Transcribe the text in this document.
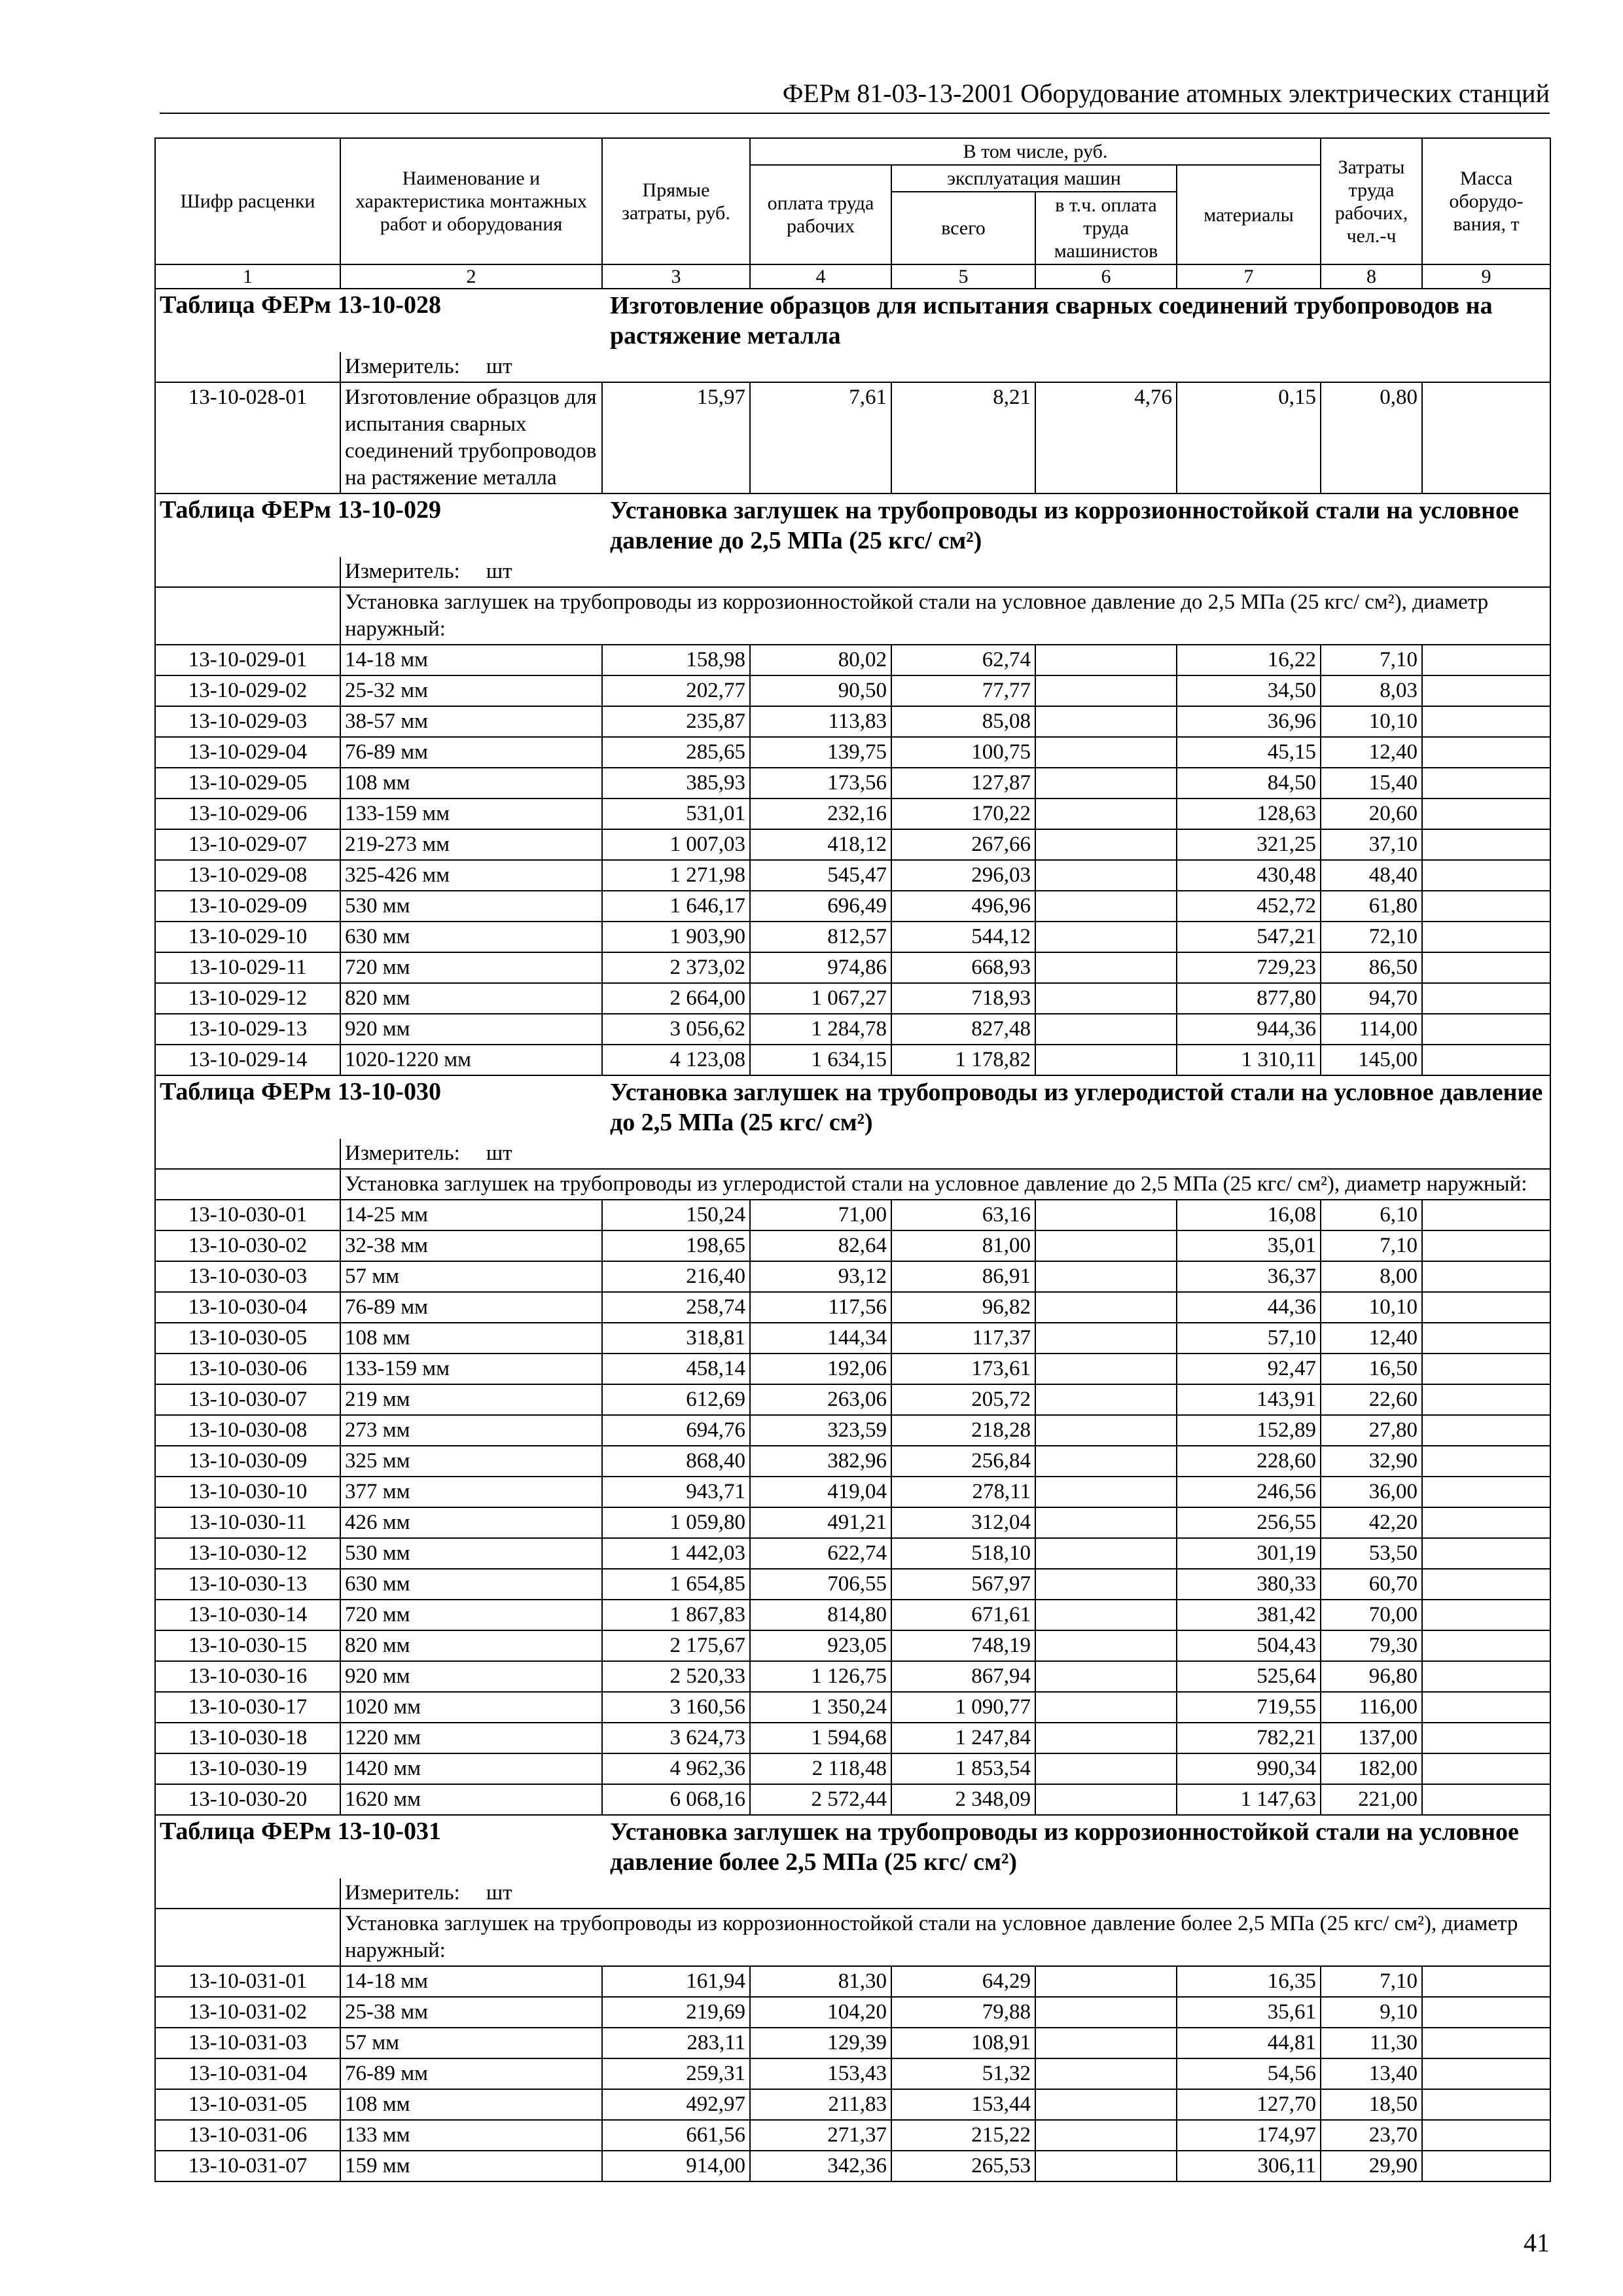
ФЕРм 81-03-13-2001 Оборудование атомных электрических станций
Шифр расценки	Наименование и характеристика монтажных работ и оборудования	Прямые затраты, руб.	В том числе, руб.				Затраты труда рабочих, чел.-ч	Масса оборудо-вания, т
			оплата труда рабочих	эксплуатация машин		материалы		
				всего	в т.ч. оплата труда машинистов			
1	2	3	4	5	6	7	8	9
Таблица ФЕРм 13-10-028		Изготовление образцов для испытания сварных соединений трубопроводов на растяжение металла						
	Измеритель: шт							
13-10-028-01	Изготовление образцов для испытания сварных соединений трубопроводов на растяжение металла	15,97	7,61	8,21	4,76	0,15	0,80	
Таблица ФЕРм 13-10-029		Установка заглушек на трубопроводы из коррозионностойкой стали на условное давление до 2,5 МПа (25 кгс/ см²)						
	Измеритель: шт							
	Установка заглушек на трубопроводы из коррозионностойкой стали на условное давление до 2,5 МПа (25 кгс/ см²), диаметр наружный:							
13-10-029-01	14-18 мм	158,98	80,02	62,74		16,22	7,10	
13-10-029-02	25-32 мм	202,77	90,50	77,77		34,50	8,03	
13-10-029-03	38-57 мм	235,87	113,83	85,08		36,96	10,10	
13-10-029-04	76-89 мм	285,65	139,75	100,75		45,15	12,40	
13-10-029-05	108 мм	385,93	173,56	127,87		84,50	15,40	
13-10-029-06	133-159 мм	531,01	232,16	170,22		128,63	20,60	
13-10-029-07	219-273 мм	1 007,03	418,12	267,66		321,25	37,10	
13-10-029-08	325-426 мм	1 271,98	545,47	296,03		430,48	48,40	
13-10-029-09	530 мм	1 646,17	696,49	496,96		452,72	61,80	
13-10-029-10	630 мм	1 903,90	812,57	544,12		547,21	72,10	
13-10-029-11	720 мм	2 373,02	974,86	668,93		729,23	86,50	
13-10-029-12	820 мм	2 664,00	1 067,27	718,93		877,80	94,70	
13-10-029-13	920 мм	3 056,62	1 284,78	827,48		944,36	114,00	
13-10-029-14	1020-1220 мм	4 123,08	1 634,15	1 178,82		1 310,11	145,00	
Таблица ФЕРм 13-10-030		Установка заглушек на трубопроводы из углеродистой стали на условное давление до 2,5 МПа (25 кгс/ см²)						
	Измеритель: шт							
	Установка заглушек на трубопроводы из углеродистой стали на условное давление до 2,5 МПа (25 кгс/ см²), диаметр наружный:							
13-10-030-01	14-25 мм	150,24	71,00	63,16		16,08	6,10	
13-10-030-02	32-38 мм	198,65	82,64	81,00		35,01	7,10	
13-10-030-03	57 мм	216,40	93,12	86,91		36,37	8,00	
13-10-030-04	76-89 мм	258,74	117,56	96,82		44,36	10,10	
13-10-030-05	108 мм	318,81	144,34	117,37		57,10	12,40	
13-10-030-06	133-159 мм	458,14	192,06	173,61		92,47	16,50	
13-10-030-07	219 мм	612,69	263,06	205,72		143,91	22,60	
13-10-030-08	273 мм	694,76	323,59	218,28		152,89	27,80	
13-10-030-09	325 мм	868,40	382,96	256,84		228,60	32,90	
13-10-030-10	377 мм	943,71	419,04	278,11		246,56	36,00	
13-10-030-11	426 мм	1 059,80	491,21	312,04		256,55	42,20	
13-10-030-12	530 мм	1 442,03	622,74	518,10		301,19	53,50	
13-10-030-13	630 мм	1 654,85	706,55	567,97		380,33	60,70	
13-10-030-14	720 мм	1 867,83	814,80	671,61		381,42	70,00	
13-10-030-15	820 мм	2 175,67	923,05	748,19		504,43	79,30	
13-10-030-16	920 мм	2 520,33	1 126,75	867,94		525,64	96,80	
13-10-030-17	1020 мм	3 160,56	1 350,24	1 090,77		719,55	116,00	
13-10-030-18	1220 мм	3 624,73	1 594,68	1 247,84		782,21	137,00	
13-10-030-19	1420 мм	4 962,36	2 118,48	1 853,54		990,34	182,00	
13-10-030-20	1620 мм	6 068,16	2 572,44	2 348,09		1 147,63	221,00	
Таблица ФЕРм 13-10-031		Установка заглушек на трубопроводы из коррозионностойкой стали на условное давление более 2,5 МПа (25 кгс/ см²)						
	Измеритель: шт							
	Установка заглушек на трубопроводы из коррозионностойкой стали на условное давление более 2,5 МПа (25 кгс/ см²), диаметр наружный:							
13-10-031-01	14-18 мм	161,94	81,30	64,29		16,35	7,10	
13-10-031-02	25-38 мм	219,69	104,20	79,88		35,61	9,10	
13-10-031-03	57 мм	283,11	129,39	108,91		44,81	11,30	
13-10-031-04	76-89 мм	259,31	153,43	51,32		54,56	13,40	
13-10-031-05	108 мм	492,97	211,83	153,44		127,70	18,50	
13-10-031-06	133 мм	661,56	271,37	215,22		174,97	23,70	
13-10-031-07	159 мм	914,00	342,36	265,53		306,11	29,90	
41
